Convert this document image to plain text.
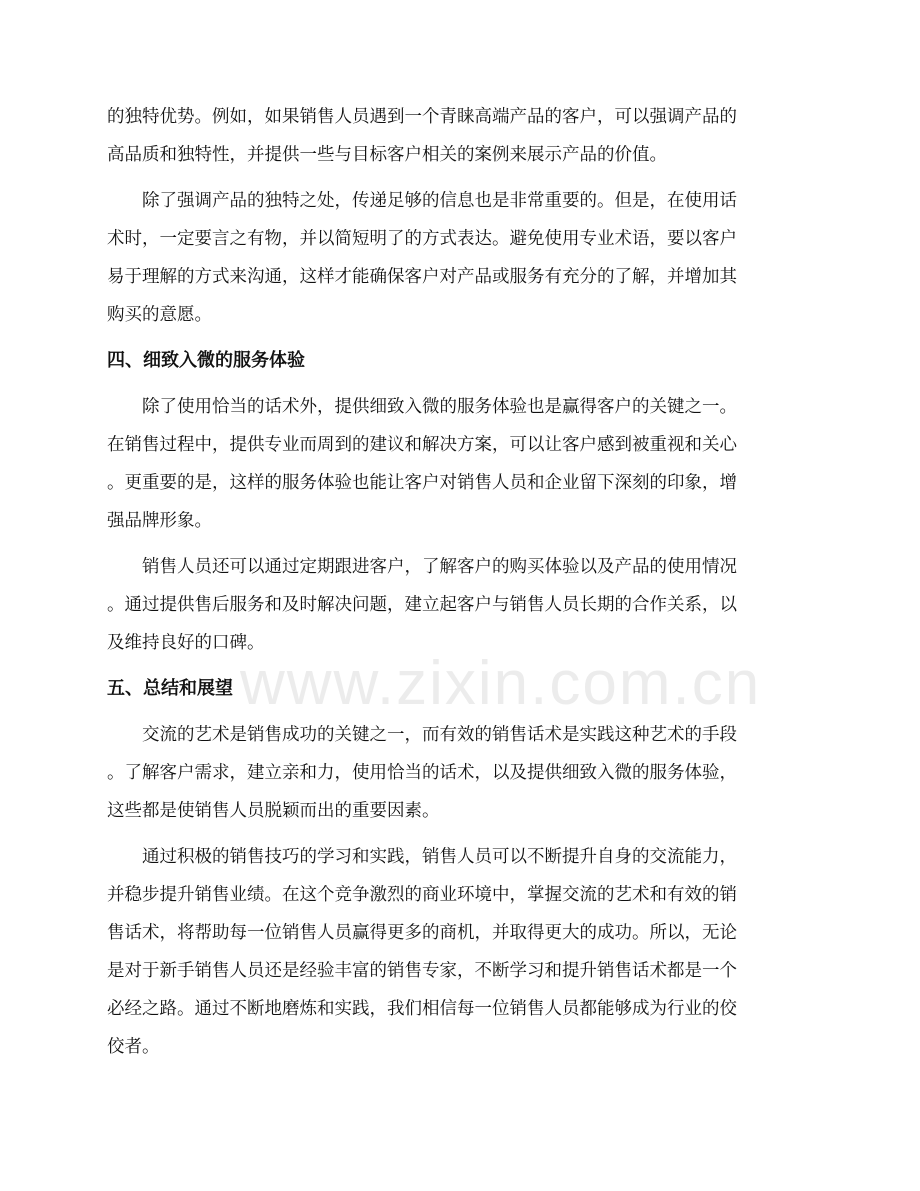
的独特优势。例如，如果销售人员遇到一个青睐高端产品的客户，可以强调产品的
高品质和独特性，并提供一些与目标客户相关的案例来展示产品的价值。
　　除了强调产品的独特之处，传递足够的信息也是非常重要的。但是，在使用话
术时，一定要言之有物，并以简短明了的方式表达。避免使用专业术语，要以客户
易于理解的方式来沟通，这样才能确保客户对产品或服务有充分的了解，并增加其
购买的意愿。
四、细致入微的服务体验
　　除了使用恰当的话术外，提供细致入微的服务体验也是赢得客户的关键之一。
在销售过程中，提供专业而周到的建议和解决方案，可以让客户感到被重视和关心
。更重要的是，这样的服务体验也能让客户对销售人员和企业留下深刻的印象，增
强品牌形象。
　　销售人员还可以通过定期跟进客户，了解客户的购买体验以及产品的使用情况
。通过提供售后服务和及时解决问题，建立起客户与销售人员长期的合作关系，以
及维持良好的口碑。
五、总结和展望
　　交流的艺术是销售成功的关键之一，而有效的销售话术是实践这种艺术的手段
。了解客户需求，建立亲和力，使用恰当的话术，以及提供细致入微的服务体验，
这些都是使销售人员脱颖而出的重要因素。
　　通过积极的销售技巧的学习和实践，销售人员可以不断提升自身的交流能力，
并稳步提升销售业绩。在这个竞争激烈的商业环境中，掌握交流的艺术和有效的销
售话术，将帮助每一位销售人员赢得更多的商机，并取得更大的成功。所以，无论
是对于新手销售人员还是经验丰富的销售专家，不断学习和提升销售话术都是一个
必经之路。通过不断地磨炼和实践，我们相信每一位销售人员都能够成为行业的佼
佼者。
www.zixin.com.cn
